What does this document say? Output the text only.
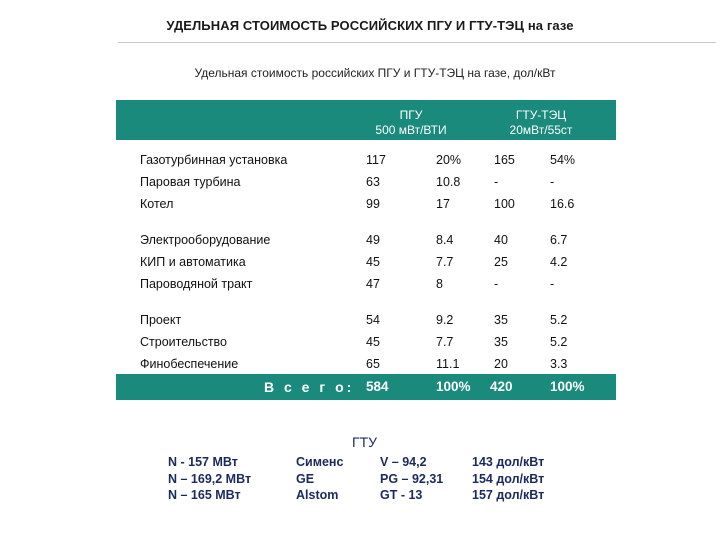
УДЕЛЬНАЯ СТОИМОСТЬ РОССИЙСКИХ ПГУ И ГТУ-ТЭЦ на газе
Удельная стоимость российских ПГУ и ГТУ-ТЭЦ на газе, дол/кВт
ПГУ
500 мВт/ВТИ
ГТУ-ТЭЦ
20мВт/55ст
Газотурбинная установка	117	20%	165	54%
Паровая турбина	63	10.8	-	-
Котел	99	17	100	16.6
Электрооборудование	49	8.4	40	6.7
КИП и автоматика	45	7.7	25	4.2
Пароводяной тракт	47	8	-	-
Проект	54	9.2	35	5.2
Строительство	45	7.7	35	5.2
Финобеспечение	65	11.1	20	3.3
В с е г о: 584	100% 420	100%
ГТУ
N - 157 МВт	Сименс	V – 94,2	143 дол/кВт
N – 169,2 МВт	GE	PG – 92,31 154 дол/кВт
N – 165 МВт	Alstom	GT - 13	157 дол/кВт
